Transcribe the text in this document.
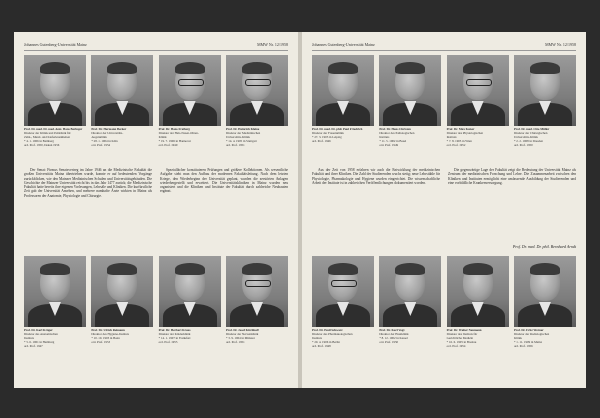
Johannes Gutenberg-Universität Mainz	MMW Nr. 12/1958
Prof. Dr. med. Dr. med. dent. Hans Beringer
Direktor der Klinik und Poliklinik für
Zahn-, Mund- und Kieferkrankheiten
* 4. 1. 1906 in Bamberg
ord. Prof. 1950, Dekan 1956
Prof. Dr. Hermann Becker
Direktor der Universitäts-
Augenklinik
* 28. 1. 1904 in Köln
ord. Prof. 1954
Prof. Dr. Hans Freiberg
Direktor der Hals-Nasen-Ohren-
Klinik
* 19. 7. 1906 in Hannover
ord. Prof. 1949
Prof. Dr. Heinrich Kleine
Direktor der Medizinischen
Universitäts-Klinik
* 14. 4. 1905 in Stuttgart
ord. Prof. 1951

Der Senat: Firmus Senatsvertreg im Jahre 1946 an die Medizinische Fakultät die großen Universitäts Mainz übertrieben wurde, konnte er auf bedeutenden Vorgänge zurückblicken, wie den Mainzer Medizinischen Schulen und Universitätsgebäuden. Die Geschichte der Mainzer Universität reicht bis in das Jahr 1477 zurück; die Medizinische Fakultät hatte bereits ihre eigenen Vorlesungen, Lehrsäle und Kliniken. Die kurfürstliche Zeit gab der Universität Ansehen, und mehrere namhafte Ärzte wirkten in Mainz als Professoren der Anatomie, Physiologie und Chirurgie.

Spezialfächer konstituieren Prüfungen und größere Kollektionen. Als wesentliche Aufgabe sieht man den Aufbau der modernen Fakultätsleitung. Nach dem letzten Kriege, den Wiederbeginn der Universität geplant, wurden die zerstörten Anlagen wiederhergestellt und erweitert. Die Universitätskliniken in Mainz wurden neu organisiert und die Kliniken und Institute der Fakultät durch zahlreiche Neubauten ergänzt.

Prof. Dr. Karl Kröger
Direktor des Anatomischen
Instituts
* 5. 6. 1901 in Hamburg
ord. Prof. 1947
Prof. Dr. Ulrich Reimann
Direktor des Hygiene-Instituts
* 10. 10. 1903 in Bonn
ord. Prof. 1953
Prof. Dr. Herbert Kraus
Direktor der Kinderklinik
* 14. 1. 1907 in Frankfurt
ord. Prof. 1955
Prof. Dr. Josef Kirchhoff
Direktor der Nervenklinik
* 3. 9. 1904 in Münster
ord. Prof. 1951
Johannes Gutenberg-Universität Mainz	MMW Nr. 12/1958
Prof. Dr. med. Dr. phil. Paul Friedrich
Direktor der Frauenklinik
* 27. 3. 1903 in Leipzig
ord. Prof. 1946
Prof. Dr. Hans Christen
Direktor des Pathologischen
Instituts
* 11. 5. 1902 in Basel
ord. Prof. 1949
Prof. Dr. Max Kaiser
Direktor des Physiologischen
Instituts
* 7. 8. 1905 in Wien
ord. Prof. 1952
Prof. Dr. med. Otto Müller
Direktor der Chirurgischen
Universitäts-Klinik
* 2. 2. 1908 in Dresden
ord. Prof. 1950

Aus der Zeit von 1958 erfahren wir auch die Entwicklung der medizinischen Fakultät und ihrer Kliniken. Die Zahl der Studierenden wuchs stetig; neue Lehrstühle für Physiologie, Pharmakologie und Hygiene wurden eingerichtet. Die wissenschaftliche Arbeit der Institute ist in zahlreichen Veröffentlichungen dokumentiert worden.

Die gegenwärtige Lage der Fakultät zeigt die Bedeutung der Universität Mainz als Zentrum der medizinischen Forschung und Lehre. Die Zusammenarbeit zwischen den Kliniken und Instituten ermöglicht eine umfassende Ausbildung der Studierenden und eine vorbildliche Krankenversorgung.

Prof. Dr. med. Dr. phil. Bernhard Arndt
Prof. Dr. Emil Schwarz
Direktor des Pharmakologischen
Instituts
* 20. 4. 1906 in Berlin
ord. Prof. 1948
Prof. Dr. Karl Vogt
Direktor der Hautklinik
* 8. 12. 1902 in Kassel
ord. Prof. 1950
Prof. Dr. Walter Neumann
Direktor des Instituts für
Gerichtliche Medizin
* 16. 6. 1905 in Breslau
ord. Prof. 1954
Prof. Dr. Fritz Werner
Direktor der Radiologischen
Klinik
* 1. 11. 1909 in Mainz
ord. Prof. 1956
